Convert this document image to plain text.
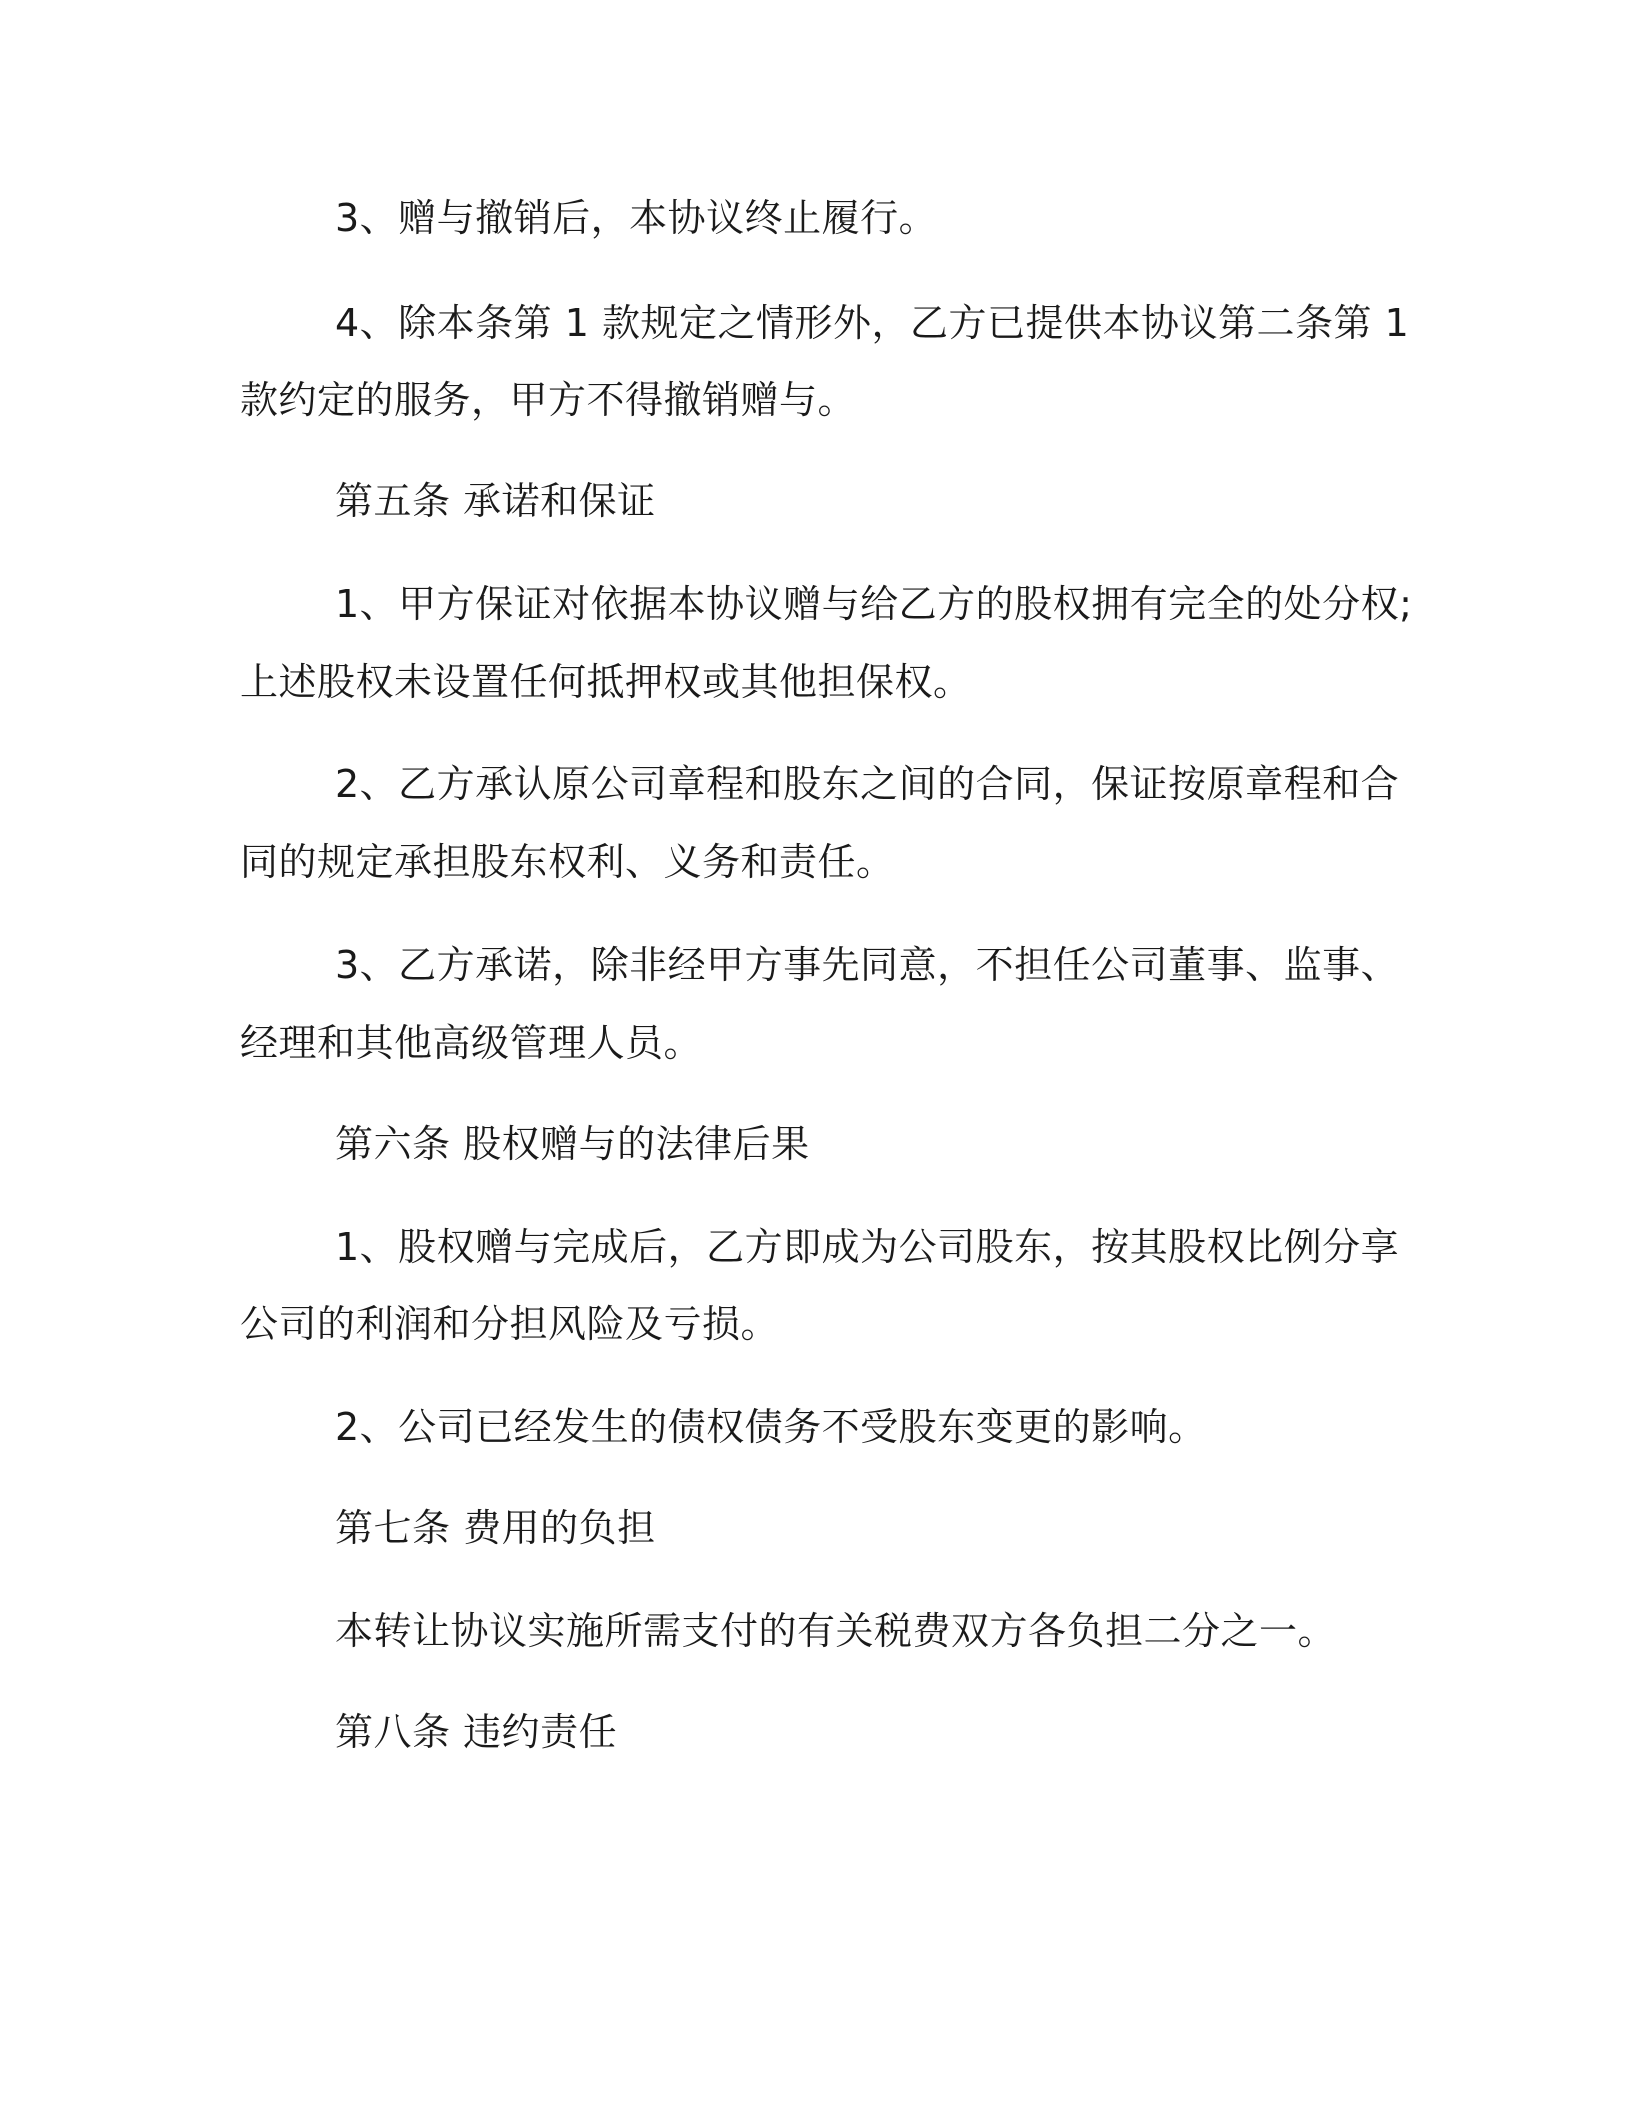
3、赠与撤销后，本协议终止履行。
4、除本条第 1 款规定之情形外，乙方已提供本协议第二条第 1
款约定的服务，甲方不得撤销赠与。
第五条 承诺和保证
1、甲方保证对依据本协议赠与给乙方的股权拥有完全的处分权;
上述股权未设置任何抵押权或其他担保权。
2、乙方承认原公司章程和股东之间的合同，保证按原章程和合
同的规定承担股东权利、义务和责任。
3、乙方承诺，除非经甲方事先同意，不担任公司董事、监事、
经理和其他高级管理人员。
第六条 股权赠与的法律后果
1、股权赠与完成后，乙方即成为公司股东，按其股权比例分享
公司的利润和分担风险及亏损。
2、公司已经发生的债权债务不受股东变更的影响。
第七条 费用的负担
本转让协议实施所需支付的有关税费双方各负担二分之一。
第八条 违约责任
